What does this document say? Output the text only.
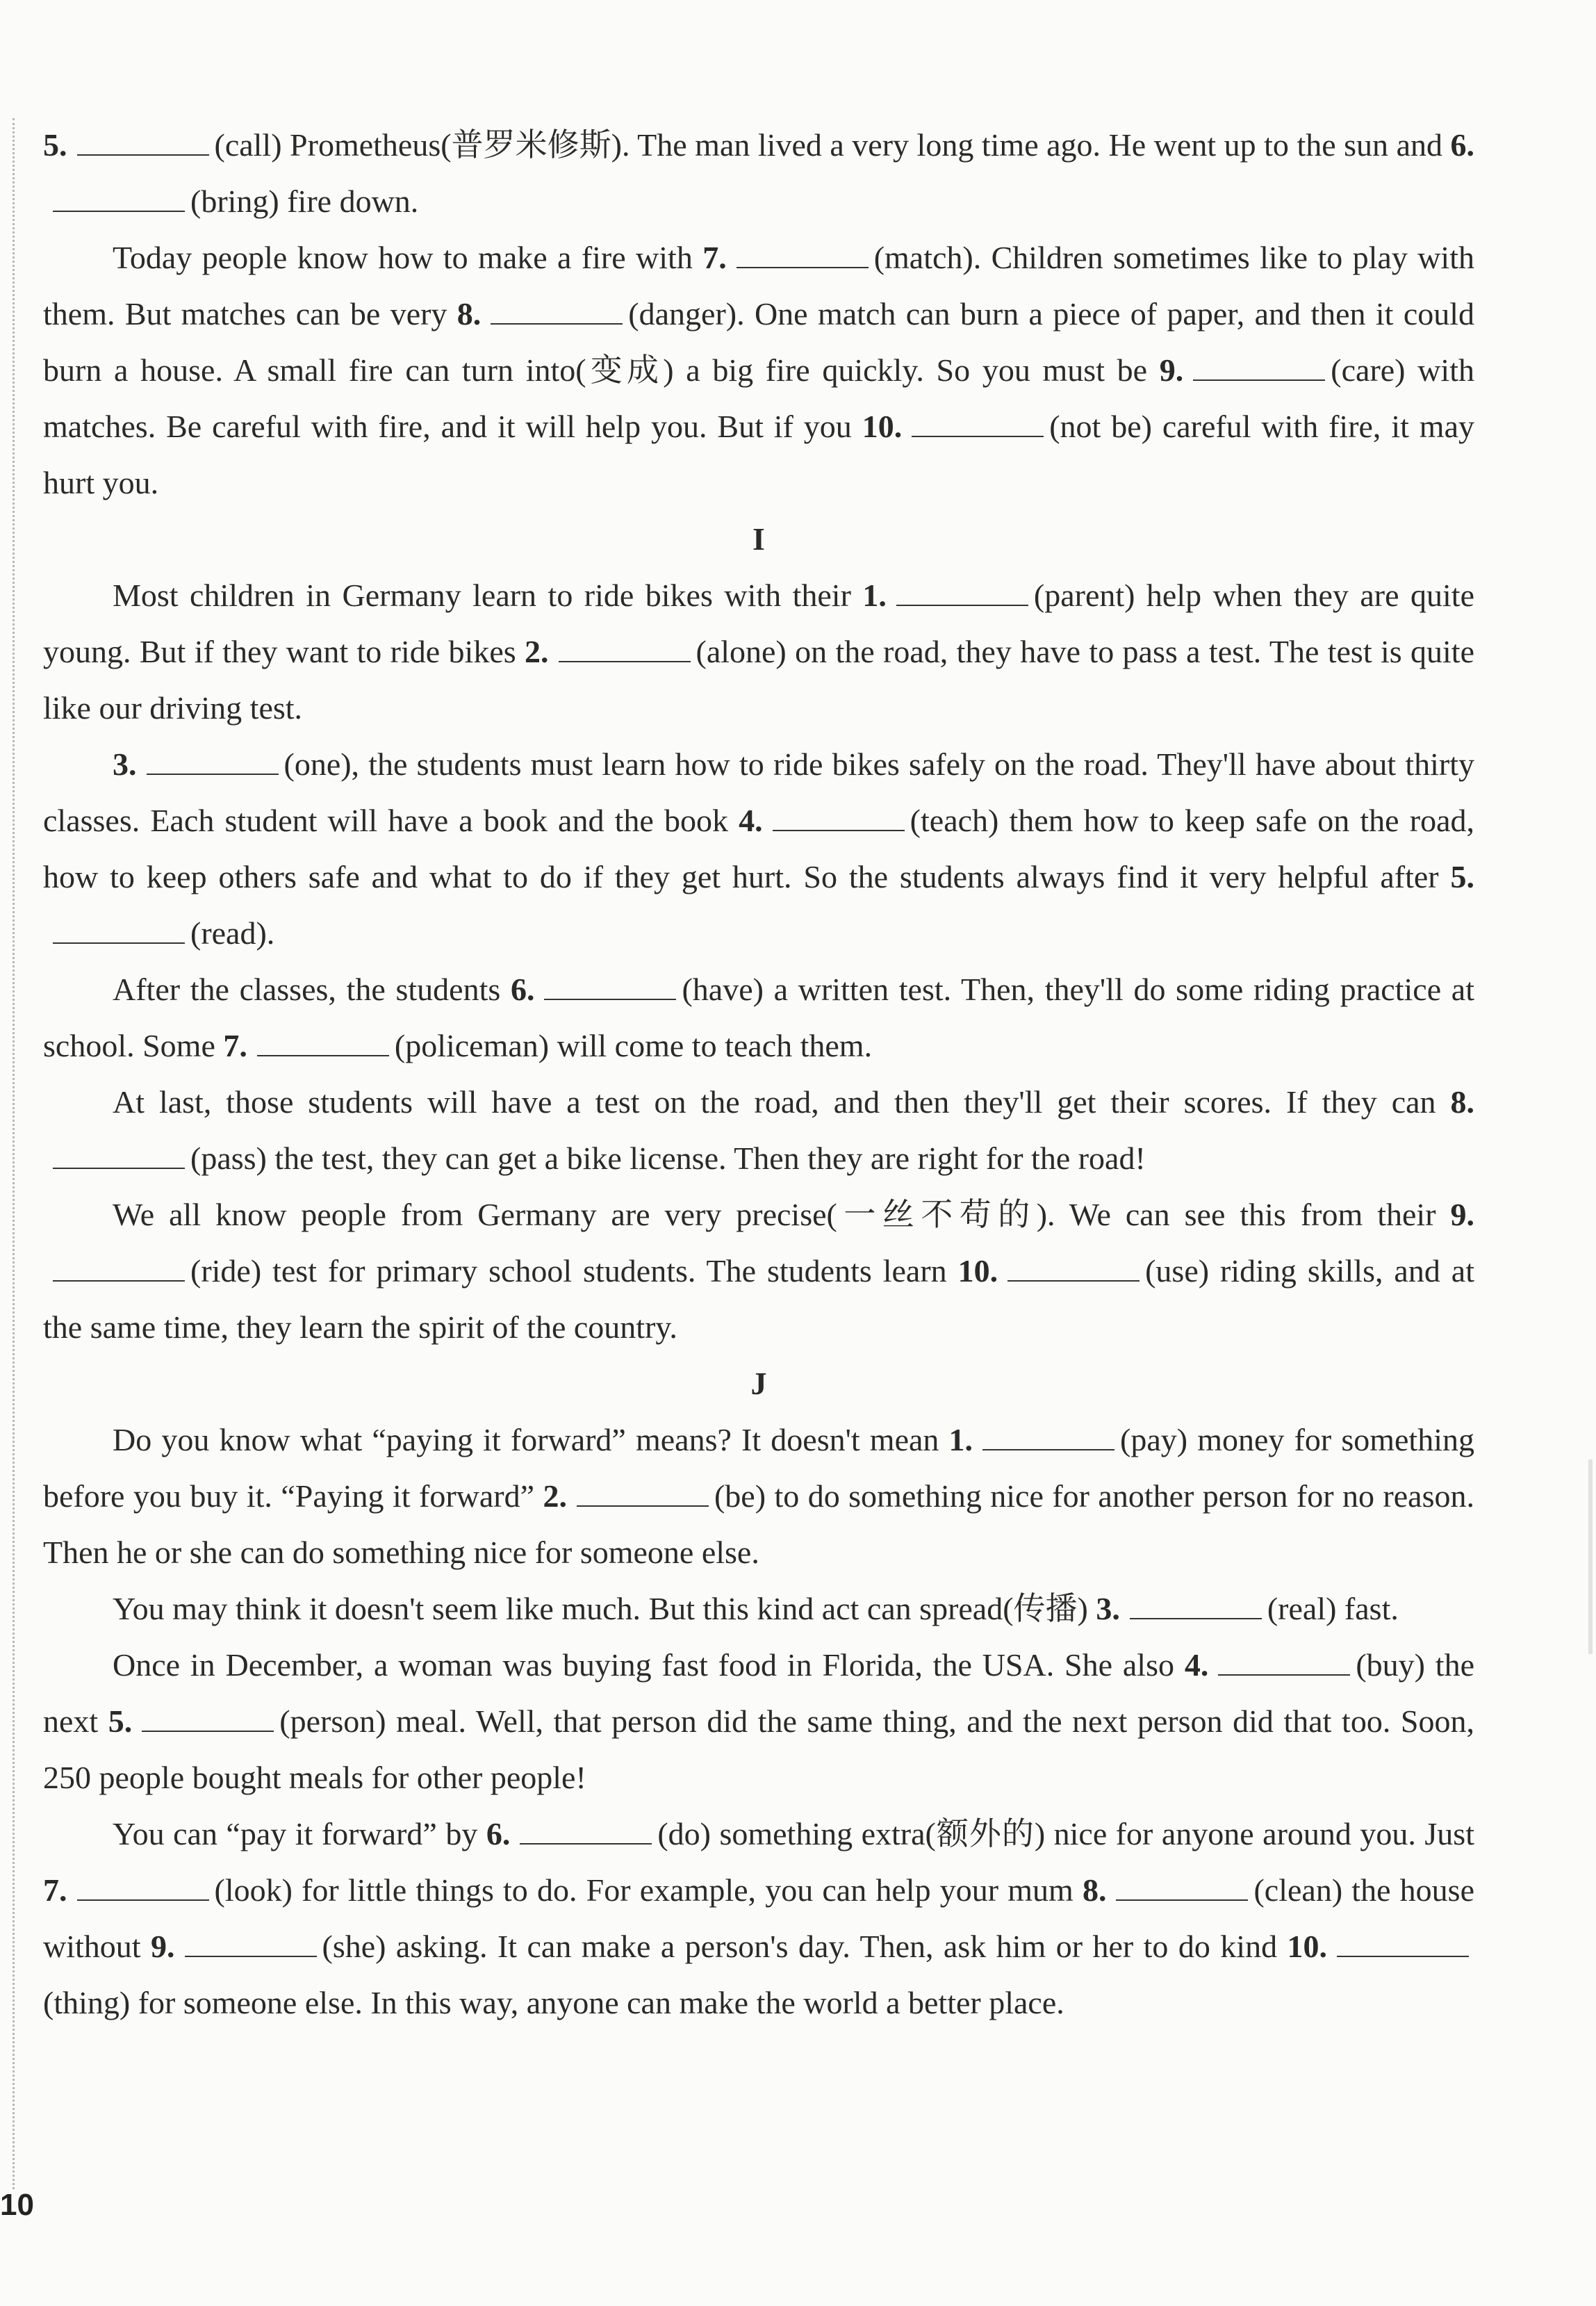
5.	(call) Prometheus(普罗米修斯). The man lived a very long time ago. He went up to the sun and 6.(bring) fire down.

Today people know how to make a fire with 7.	(match). Children sometimes like to play with them. But matches can be very 8.	(danger). One match can burn a piece of paper, and then it could burn a house. A small fire can turn into(变成) a big fire quickly. So you must be 9.	(care) with matches. Be careful with fire, and it will help you. But if you 10.	(not be) careful with fire, it may hurt you.

I

Most children in Germany learn to ride bikes with their 1.	(parent) help when they are quite young. But if they want to ride bikes 2.	(alone) on the road, they have to pass a test. The test is quite like our driving test.

3.	(one), the students must learn how to ride bikes safely on the road. They'll have about thirty classes. Each student will have a book and the book 4.	(teach) them how to keep safe on the road, how to keep others safe and what to do if they get hurt. So the students always find it very helpful after 5.(read).

After the classes, the students 6.	(have) a written test. Then, they'll do some riding practice at school. Some 7.	(policeman) will come to teach them.

At last, those students will have a test on the road, and then they'll get their scores. If they can 8.(pass) the test, they can get a bike license. Then they are right for the road!

We all know people from Germany are very precise(一丝不苟的). We can see this from their 9.(ride) test for primary school students. The students learn 10.	(use) riding skills, and at the same time, they learn the spirit of the country.

J

Do you know what “paying it forward” means? It doesn't mean 1.	(pay) money for something before you buy it. “Paying it forward” 2.	(be) to do something nice for another person for no reason. Then he or she can do something nice for someone else.

You may think it doesn't seem like much. But this kind act can spread(传播) 3.	(real) fast.

Once in December, a woman was buying fast food in Florida, the USA. She also 4.	(buy) the next 5.	(person) meal. Well, that person did the same thing, and the next person did that too. Soon, 250 people bought meals for other people!

You can “pay it forward” by 6.	(do) something extra(额外的) nice for anyone around you. Just 7.	(look) for little things to do. For example, you can help your mum 8.	(clean) the house without 9.	(she) asking. It can make a person's day. Then, ask him or her to do kind 10.(thing) for someone else. In this way, anyone can make the world a better place.

10
